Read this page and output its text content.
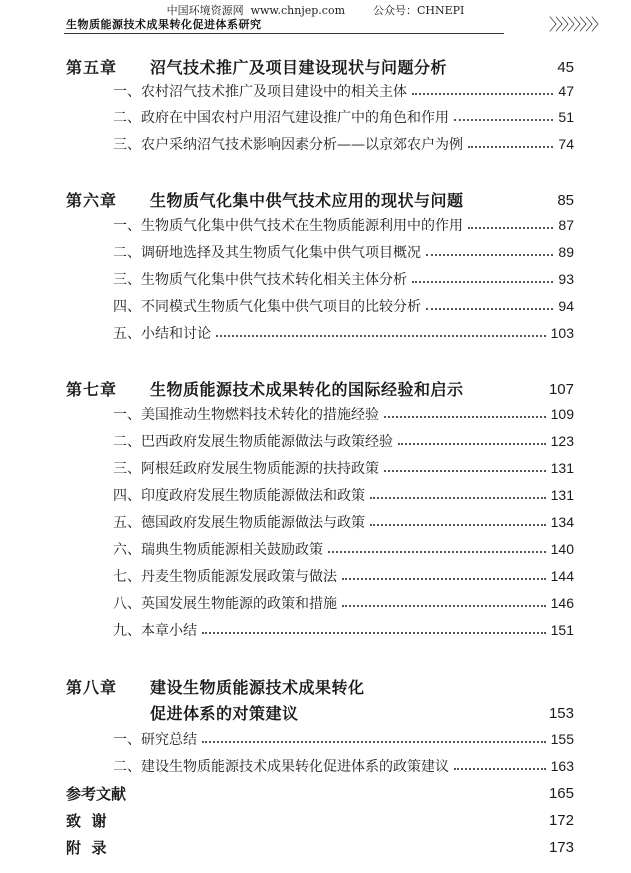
中国环境资源网  www.chnjep.com        公众号：CHNEPI
生物质能源技术成果转化促进体系研究	〉〉〉〉〉〉〉〉
第五章 沼气技术推广及项目建设现状与问题分析	45
一、农村沼气技术推广及项目建设中的相关主体	47
二、政府在中国农村户用沼气建设推广中的角色和作用	51
三、农户采纳沼气技术影响因素分析——以京郊农户为例	74
第六章 生物质气化集中供气技术应用的现状与问题	85
一、生物质气化集中供气技术在生物质能源利用中的作用	87
二、调研地选择及其生物质气化集中供气项目概况	89
三、生物质气化集中供气技术转化相关主体分析	93
四、不同模式生物质气化集中供气项目的比较分析	94
五、小结和讨论	103
第七章 生物质能源技术成果转化的国际经验和启示	107
一、美国推动生物燃料技术转化的措施经验	109
二、巴西政府发展生物质能源做法与政策经验	123
三、阿根廷政府发展生物质能源的扶持政策	131
四、印度政府发展生物质能源做法和政策	131
五、德国政府发展生物质能源做法与政策	134
六、瑞典生物质能源相关鼓励政策	140
七、丹麦生物质能源发展政策与做法	144
八、英国发展生物能源的政策和措施	146
九、本章小结	151
第八章 建设生物质能源技术成果转化
促进体系的对策建议	153
一、研究总结	155
二、建设生物质能源技术成果转化促进体系的政策建议	163
参考文献	165
致  谢	172
附  录	173
